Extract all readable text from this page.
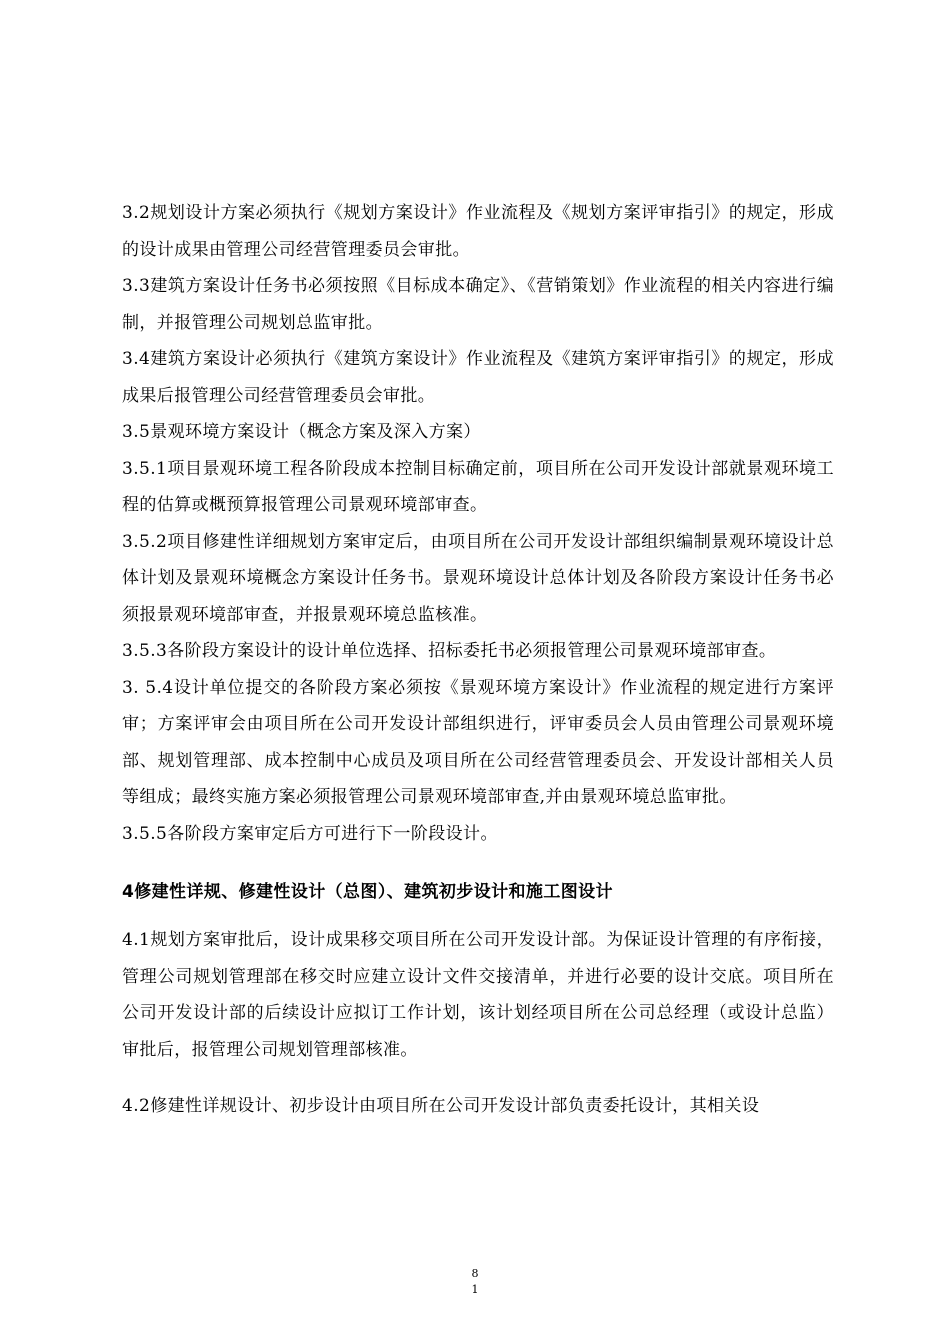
3.2规划设计方案必须执行《规划方案设计》作业流程及《规划方案评审指引》的规定，形成的设计成果由管理公司经营管理委员会审批。

3.3建筑方案设计任务书必须按照《目标成本确定》、《营销策划》作业流程的相关内容进行编制，并报管理公司规划总监审批。

3.4建筑方案设计必须执行《建筑方案设计》作业流程及《建筑方案评审指引》的规定，形成成果后报管理公司经营管理委员会审批。

3.5景观环境方案设计（概念方案及深入方案）

3.5.1项目景观环境工程各阶段成本控制目标确定前，项目所在公司开发设计部就景观环境工程的估算或概预算报管理公司景观环境部审查。

3.5.2项目修建性详细规划方案审定后，由项目所在公司开发设计部组织编制景观环境设计总体计划及景观环境概念方案设计任务书。景观环境设计总体计划及各阶段方案设计任务书必须报景观环境部审查，并报景观环境总监核准。

3.5.3各阶段方案设计的设计单位选择、招标委托书必须报管理公司景观环境部审查。

3. 5.4设计单位提交的各阶段方案必须按《景观环境方案设计》作业流程的规定进行方案评审；方案评审会由项目所在公司开发设计部组织进行，评审委员会人员由管理公司景观环境部、规划管理部、成本控制中心成员及项目所在公司经营管理委员会、开发设计部相关人员等组成；最终实施方案必须报管理公司景观环境部审查,并由景观环境总监审批。

3.5.5各阶段方案审定后方可进行下一阶段设计。

4修建性详规、修建性设计（总图）、建筑初步设计和施工图设计

4.1规划方案审批后，设计成果移交项目所在公司开发设计部。为保证设计管理的有序衔接，管理公司规划管理部在移交时应建立设计文件交接清单，并进行必要的设计交底。项目所在公司开发设计部的后续设计应拟订工作计划，该计划经项目所在公司总经理（或设计总监）审批后，报管理公司规划管理部核准。

4.2修建性详规设计、初步设计由项目所在公司开发设计部负责委托设计，其相关设

8
1
